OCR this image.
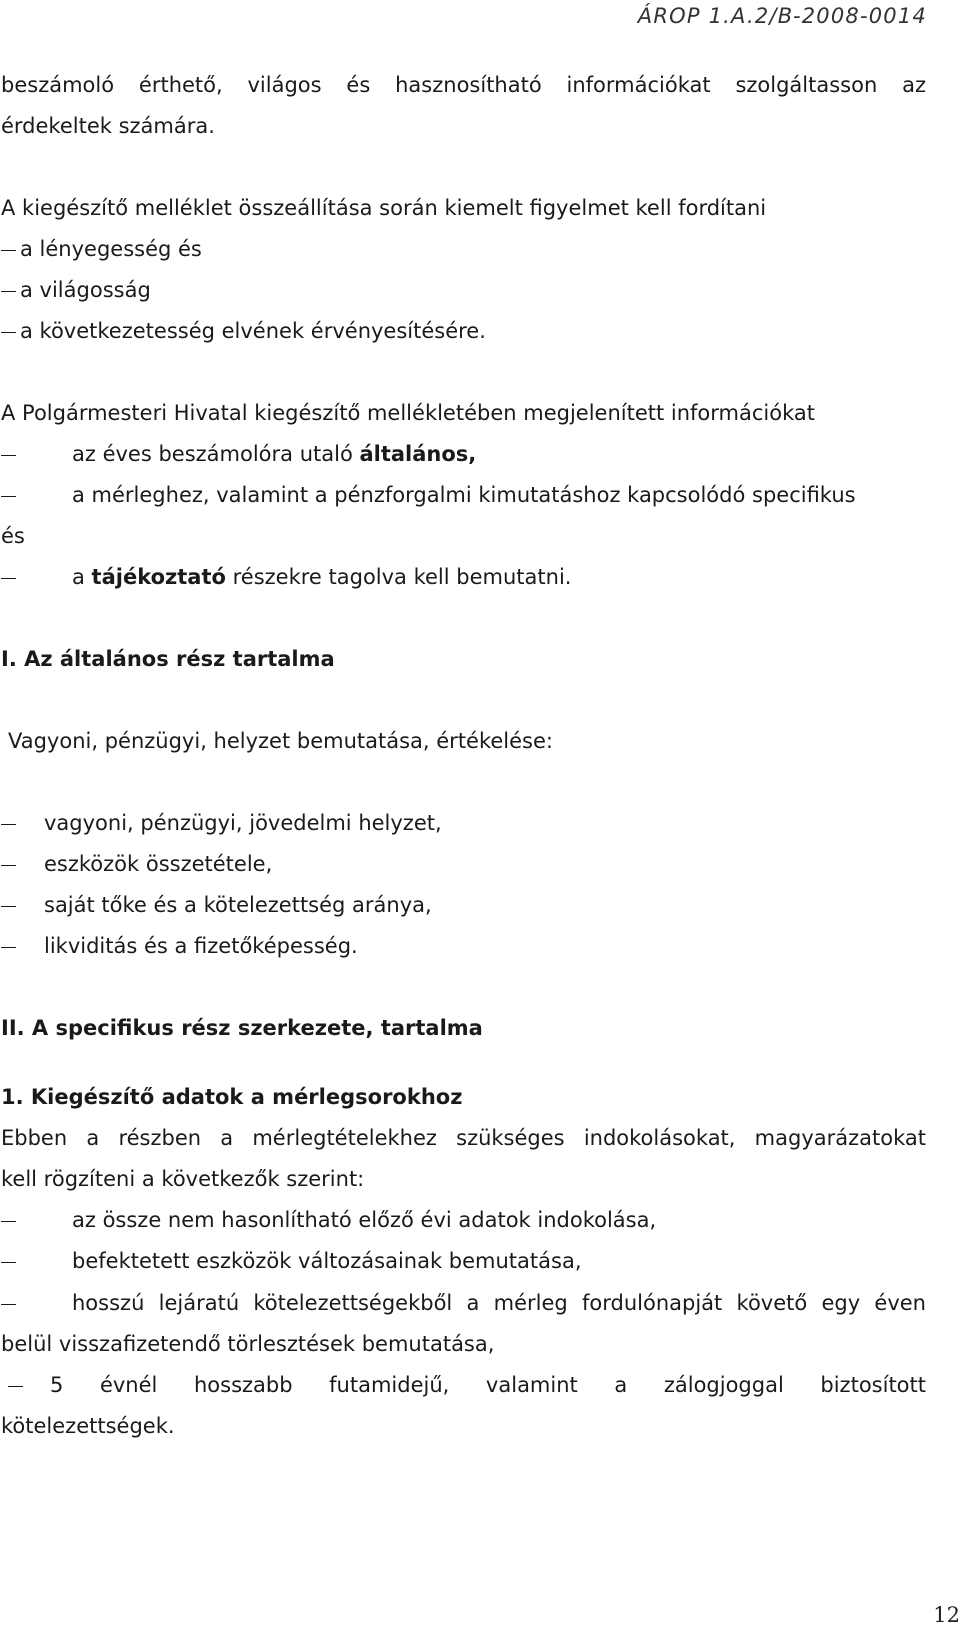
ÁROP 1.A.2/B-2008-0014
beszámoló érthető, világos és hasznosítható információkat szolgáltasson az
érdekeltek számára.
A kiegészítő melléklet összeállítása során kiemelt figyelmet kell fordítani
a lényegesség és
a világosság
a következetesség elvének érvényesítésére.
A Polgármesteri Hivatal kiegészítő mellékletében megjelenített információkat
az éves beszámolóra utaló általános,
a mérleghez, valamint a pénzforgalmi kimutatáshoz kapcsolódó specifikus
és
a tájékoztató részekre tagolva kell bemutatni.
I. Az általános rész tartalma
Vagyoni, pénzügyi, helyzet bemutatása, értékelése:
vagyoni, pénzügyi, jövedelmi helyzet,
eszközök összetétele,
saját tőke és a kötelezettség aránya,
likviditás és a fizetőképesség.
II. A specifikus rész szerkezete, tartalma
1. Kiegészítő adatok a mérlegsorokhoz
Ebben a részben a mérlegtételekhez szükséges indokolásokat, magyarázatokat
kell rögzíteni a következők szerint:
az össze nem hasonlítható előző évi adatok indokolása,
befektetett eszközök változásainak bemutatása,
hosszú lejáratú kötelezettségekből a mérleg fordulónapját követő egy éven
belül visszafizetendő törlesztések bemutatása,
5 évnél hosszabb futamidejű, valamint a zálogjoggal biztosított
kötelezettségek.
12
